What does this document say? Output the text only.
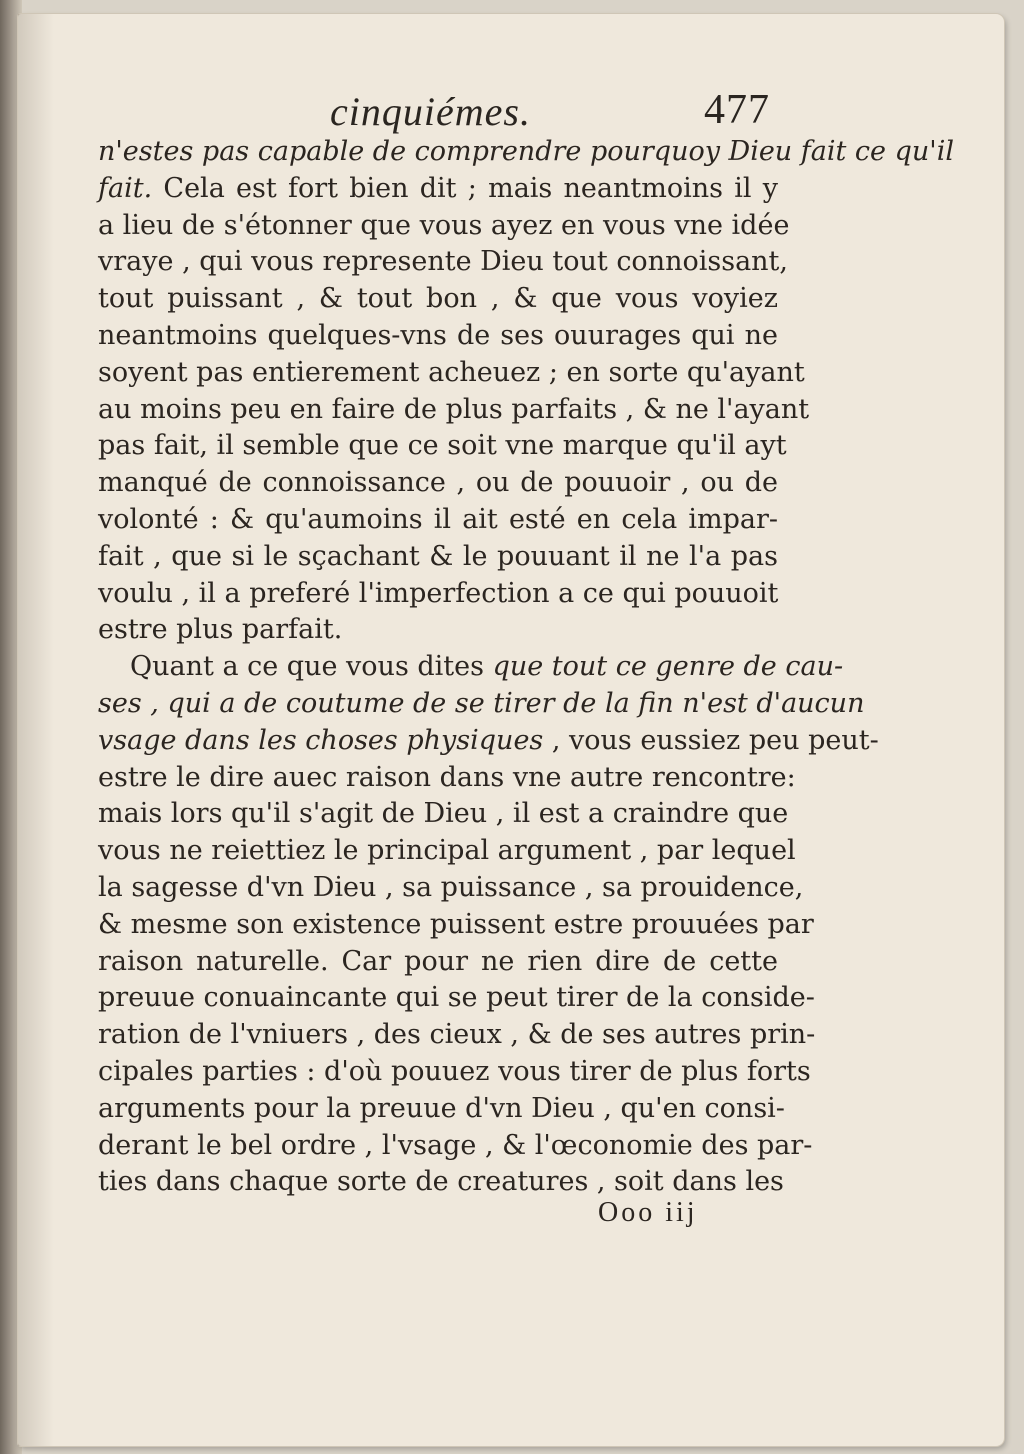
cinquiémes.	477
n'estes pas capable de comprendre pourquoy Dieu fait ce qu'il
fait. Cela est fort bien dit ; mais neantmoins il y
a lieu de s'étonner que vous ayez en vous vne idée
vraye , qui vous represente Dieu tout connoissant,
tout puissant , & tout bon , & que vous voyiez
neantmoins quelques-vns de ses ouurages qui ne
soyent pas entierement acheuez ; en sorte qu'ayant
au moins peu en faire de plus parfaits , & ne l'ayant
pas fait, il semble que ce soit vne marque qu'il ayt
manqué de connoissance , ou de pouuoir , ou de
volonté : & qu'aumoins il ait esté en cela impar-
fait , que si le sçachant & le pouuant il ne l'a pas
voulu , il a preferé l'imperfection a ce qui pouuoit
estre plus parfait.
Quant a ce que vous dites que tout ce genre de cau-
ses , qui a de coutume de se tirer de la fin n'est d'aucun
vsage dans les choses physiques , vous eussiez peu peut-
estre le dire auec raison dans vne autre rencontre:
mais lors qu'il s'agit de Dieu , il est a craindre que
vous ne reiettiez le principal argument , par lequel
la sagesse d'vn Dieu , sa puissance , sa prouidence,
& mesme son existence puissent estre prouuées par
raison naturelle. Car pour ne rien dire de cette
preuue conuaincante qui se peut tirer de la conside-
ration de l'vniuers , des cieux , & de ses autres prin-
cipales parties : d'où pouuez vous tirer de plus forts
arguments pour la preuue d'vn Dieu , qu'en consi-
derant le bel ordre , l'vsage , & l'œconomie des par-
ties dans chaque sorte de creatures , soit dans les
Ooo iij
